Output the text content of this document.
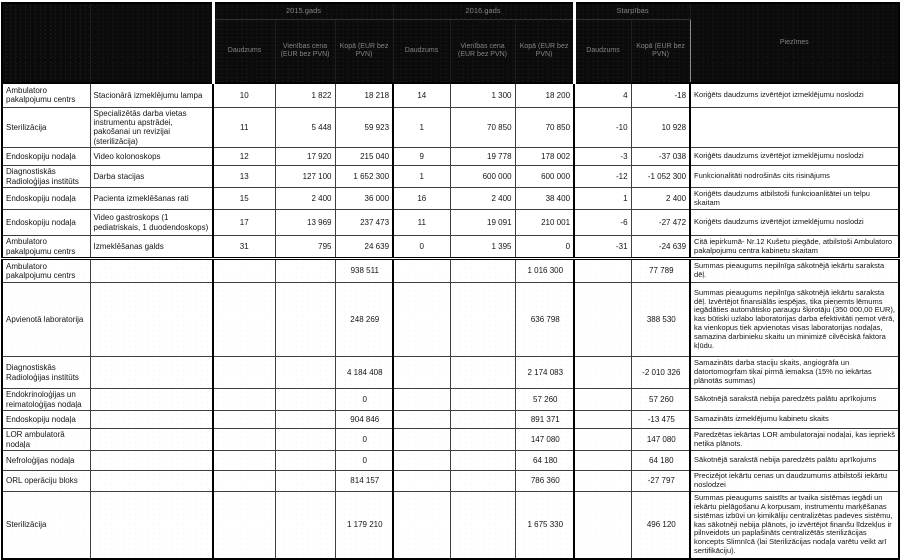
		2015.gads			2016.gads			Starpības		Piezīmes
		Daudzums	Vienības cena (EUR bez PVN)	Kopā (EUR bez PVN)	Daudzums	Vienības cena (EUR bez PVN)	Kopā (EUR bez PVN)	Daudzums	Kopā (EUR bez PVN)	
Ambulatoro pakalpojumu centrs	Stacionārā izmeklējumu lampa	10	1 822	18 218	14	1 300	18 200	4	-18	Koriģēts daudzums izvērtējot izmeklējumu noslodzi
Sterilizācija	Specializētās darba vietas instrumentu apstrādei, pakošanai un revizijai (sterilizācija)	11	5 448	59 923	1	70 850	70 850	-10	10 928	
Endoskopiju nodaļa	Video kolonoskops	12	17 920	215 040	9	19 778	178 002	-3	-37 038	Koriģēts daudzums izvērtējot izmeklējumu noslodzi
Diagnostiskās Radioloģijas institūts	Darba stacijas	13	127 100	1 652 300	1	600 000	600 000	-12	-1 052 300	Funkcionalitāti nodrošinās cits risinājums
Endoskopiju nodaļa	Pacienta izmeklēšanas rati	15	2 400	36 000	16	2 400	38 400	1	2 400	Koriģēts daudzums atbilstoši funkcioanlitātei un telpu skaitam
Endoskopiju nodaļa	Video gastroskops (1 pediatriskais, 1 duodendoskops)	17	13 969	237 473	11	19 091	210 001	-6	-27 472	Koriģēts daudzums izvērtējot izmeklējumu noslodzi
Ambulatoro pakalpojumu centrs	Izmeklēšanas galds	31	795	24 639	0	1 395	0	-31	-24 639	Citā iepirkumā- Nr.12 Kušetu piegāde, atbilstoši Ambulatoro pakalpojumu centra kabinetu skaitam
Ambulatoro pakalpojumu centrs				938 511			1 016 300		77 789	Summas pieaugums nepilnīga sākotnējā iekārtu saraksta dēļ.
Apvienotā laboratorija				248 269			636 798		388 530	Summas pieaugums nepilnīga sākotnējā iekārtu saraksta dēļ. Izvērtējot finansiālās iespējas, tika pieņemts lēmums iegādāties automātisko paraugu šķirotāju (350 000,00 EUR), kas būtiski uzlabo laboratorijas darba efektivitāti ņemot vērā, ka vienkopus tiek apvienotas visas laboratorijas nodaļas, samazina darbinieku skaitu un minimizē cilvēciskā faktora kļūdu.
Diagnostiskās Radioloģijas institūts				4 184 408			2 174 083		-2 010 326	Samazināts darba staciju skaits, angiogrāfa un datortomogrfam tikai pirmā iemaksa (15% no iekārtas plānotās summas)
Endokrinoloģijas un reimatoloģijas nodaļa				0			57 260		57 260	Sākotnējā sarakstā nebija paredzēts palātu aprīkojums
Endoskopiju nodaļa				904 846			891 371		-13 475	Samazināts izmeklējumu kabinetu skaits
LOR ambulatorā nodaļa				0			147 080		147 080	Paredzētas iekārtas LOR ambulatorajai nodaļai, kas iepriekš netika plānots.
Nefroloģijas nodaļa				0			64 180		64 180	Sākotnējā sarakstā nebija paredzēts palātu aprīkojums
ORL operāciju bloks				814 157			786 360		-27 797	Precizējot iekārtu cenas un daudzumums atbilstoši iekārtu noslodzei
Sterilizācija				1 179 210			1 675 330		496 120	Summas pieaugums saistīts ar tvaika sistēmas iegādi un iekārtu pielāgošanu A korpusam, instrumentu marķēšanas sistēmas izbūvi un ķimikāliju centralizētas padeves sistēmu, kas sākotnēji nebija plānots, jo izvērtējot finanšu līdzekļus ir pilnveidots un paplašināts centralizētās sterilizācijas koncepts Slimnīcā (lai Sterilizācijas nodaļa varētu veikt arī sertifikāciju).
